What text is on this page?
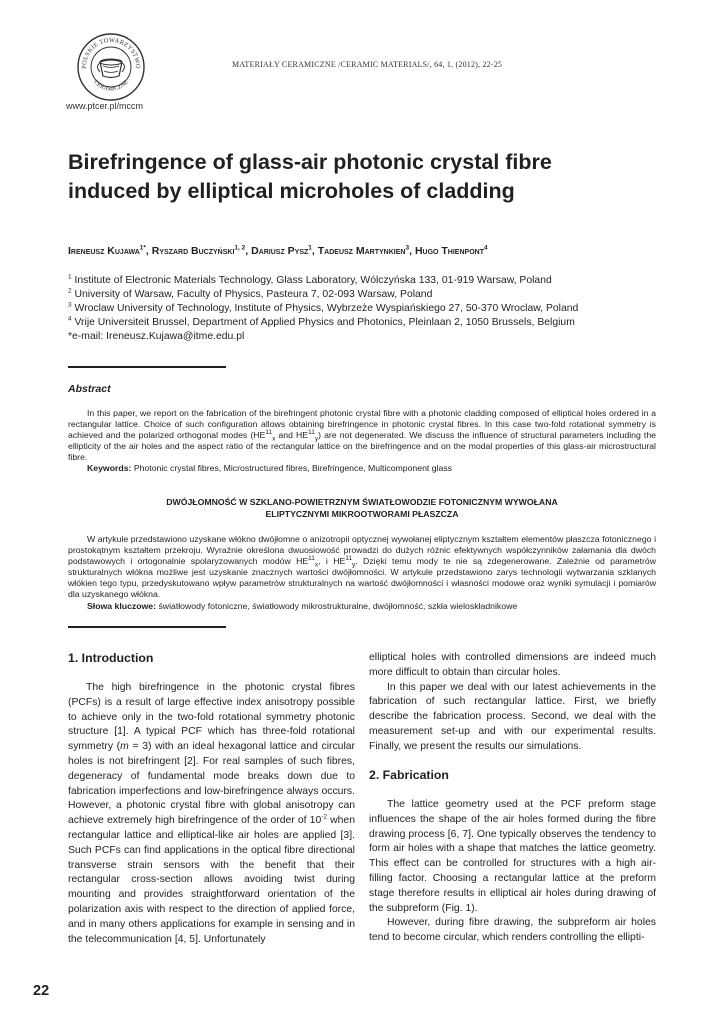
POLSKIE TOWARZYSTWO
CERAMICZNE
www.ptcer.pl/mccm
MATERIAŁY CERAMICZNE /CERAMIC MATERIALS/, 64, 1, (2012), 22-25
Birefringence of glass-air photonic crystal fibre
induced by elliptical microholes of cladding
Ireneusz Kujawa$^{1*}$, Ryszard Buczyński$^{1, 2}$, Dariusz Pysz$^1$, Tadeusz Martynkien$^3$, Hugo Thienpont$^4$
$^1$ Institute of Electronic Materials Technology, Glass Laboratory, Wólczyńska 133, 01-919 Warsaw, Poland
$^2$ University of Warsaw, Faculty of Physics, Pasteura 7, 02-093 Warsaw, Poland
$^3$ Wroclaw University of Technology, Institute of Physics, Wybrzeże Wyspiańskiego 27, 50-370 Wroclaw, Poland
$^4$ Vrije Universiteit Brussel, Department of Applied Physics and Photonics, Pleinlaan 2, 1050 Brussels, Belgium
*e-mail: Ireneusz.Kujawa@itme.edu.pl
Abstract

In this paper, we report on the fabrication of the birefringent photonic crystal fibre with a photonic cladding composed of elliptical holes ordered in a rectangular lattice. Choice of such configuration allows obtaining birefringence in photonic crystal fibres. In this case two-fold rotational symmetry is achieved and the polarized orthogonal modes ($HE^{11}_x$ and $HE^{11}_y$) are not degenerated. We discuss the influence of structural parameters including the ellipticity of the air holes and the aspect ratio of the rectangular lattice on the birefringence and on the modal properties of this glass-air microstructural fibre.

Keywords: Photonic crystal fibres, Microstructured fibres, Birefringence, Multicomponent glass
DWÓJŁOMNOŚĆ W SZKLANO-POWIETRZNYM ŚWIATŁOWODZIE FOTONICZNYM WYWOŁANA
ELIPTYCZNYMI MIKROOTWORAMI PŁASZCZA

W artykule przedstawiono uzyskane włókno dwójłomne o anizotropii optycznej wywołanej eliptycznym kształtem elementów płaszcza fotonicznego i prostokątnym kształtem przekroju. Wyraźnie określona dwuosiowość prowadzi do dużych różnic efektywnych współczynników załamania dla dwóch podstawowych i ortogonalnie spolaryzowanych modów $HE^{11}_x$, i $HE^{11}_y$. Dzięki temu mody te nie są zdegenerowane. Zależnie od parametrów strukturalnych włókna możliwe jest uzyskanie znacznych wartości dwójłomności. W artykule przedstawiono zarys technologii wytwarzania szklanych włókien tego typu, przedyskutowano wpływ parametrów strukturalnych na wartość dwójłomności i własności modowe oraz wyniki symulacji i pomiarów dla uzyskanego włókna.

Słowa kluczowe: światłowody fotoniczne, światłowody mikrostrukturalne, dwójłomność, szkła wieloskładnikowe
1. Introduction

The high birefringence in the photonic crystal fibres (PCFs) is a result of large effective index anisotropy possible to achieve only in the two-fold rotational symmetry photonic structure [1]. A typical PCF which has three-fold rotational symmetry (m = 3) with an ideal hexagonal lattice and circular holes is not birefringent [2]. For real samples of such fibres, degeneracy of fundamental mode breaks down due to fabrication imperfections and low-birefringence always occurs. However, a photonic crystal fibre with global anisotropy can achieve extremely high birefringence of the order of $10^{-2}$ when rectangular lattice and elliptical-like air holes are applied [3]. Such PCFs can find applications in the optical fibre directional transverse strain sensors with the benefit that their rectangular cross-section allows avoiding twist during mounting and provides straightforward orientation of the polarization axis with respect to the direction of applied force, and in many others applications for example in sensing and in the telecommunication [4, 5]. Unfortunately

elliptical holes with controlled dimensions are indeed much more difficult to obtain than circular holes.

In this paper we deal with our latest achievements in the fabrication of such rectangular lattice. First, we briefly describe the fabrication process. Second, we deal with the measurement set-up and with our experimental results. Finally, we present the results our simulations.

2. Fabrication

The lattice geometry used at the PCF preform stage influences the shape of the air holes formed during the fibre drawing process [6, 7]. One typically observes the tendency to form air holes with a shape that matches the lattice geometry. This effect can be controlled for structures with a high air-filling factor. Choosing a rectangular lattice at the preform stage therefore results in elliptical air holes during drawing of the subpreform (Fig. 1).

However, during fibre drawing, the subpreform air holes tend to become circular, which renders controlling the ellipti-

22
